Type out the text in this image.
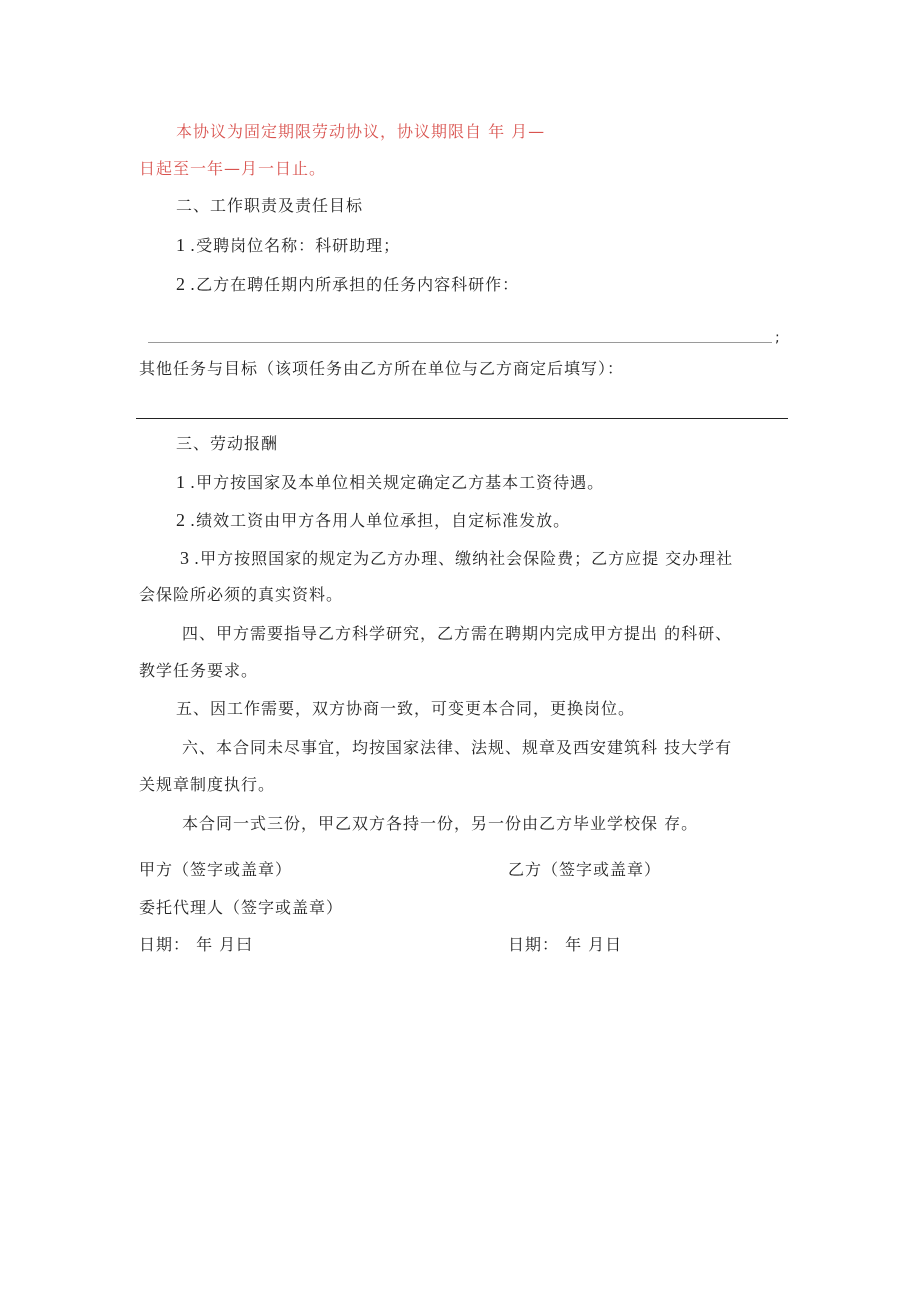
本协议为固定期限劳动协议，协议期限自 年 月—
日起至一年—月一日止。
二、工作职责及责任目标
1 .受聘岗位名称：科研助理；
2 .乙方在聘任期内所承担的任务内容科研作：
;
其他任务与目标（该项任务由乙方所在单位与乙方商定后填写）：
三、劳动报酬
1 .甲方按国家及本单位相关规定确定乙方基本工资待遇。
2 .绩效工资由甲方各用人单位承担，自定标准发放。
3 .甲方按照国家的规定为乙方办理、缴纳社会保险费；乙方应提 交办理社
会保险所必须的真实资料。
四、甲方需要指导乙方科学研究，乙方需在聘期内完成甲方提出 的科研、
教学任务要求。
五、因工作需要，双方协商一致，可变更本合同，更换岗位。
六、本合同未尽事宜，均按国家法律、法规、规章及西安建筑科 技大学有
关规章制度执行。
本合同一式三份，甲乙双方各持一份，另一份由乙方毕业学校保 存。
甲方（签字或盖章）	乙方（签字或盖章）
委托代理人（签字或盖章）
日期： 年 月曰	日期： 年 月日
